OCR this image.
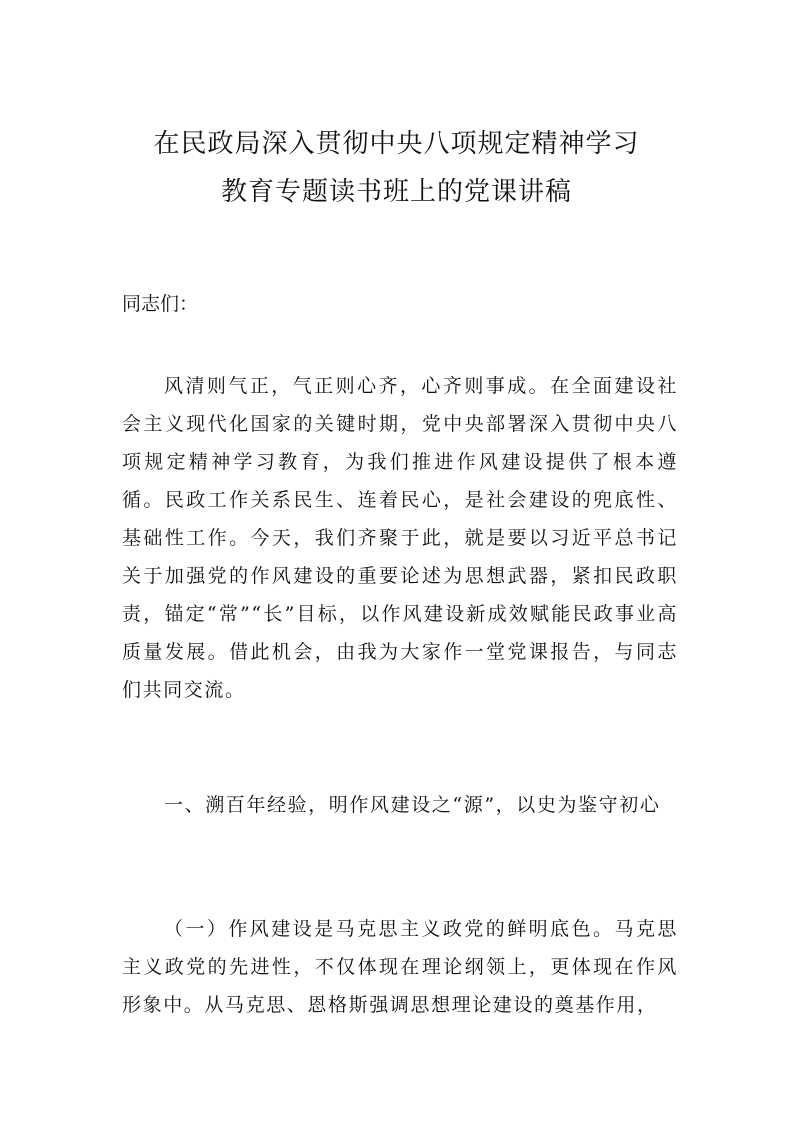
在民政局深入贯彻中央八项规定精神学习
教育专题读书班上的党课讲稿

同志们：

风清则气正，气正则心齐，心齐则事成。在全面建设社会主义现代化国家的关键时期，党中央部署深入贯彻中央八项规定精神学习教育，为我们推进作风建设提供了根本遵循。民政工作关系民生、连着民心，是社会建设的兜底性、基础性工作。今天，我们齐聚于此，就是要以习近平总书记关于加强党的作风建设的重要论述为思想武器，紧扣民政职责，锚定“常”“长”目标，以作风建设新成效赋能民政事业高质量发展。借此机会，由我为大家作一堂党课报告，与同志们共同交流。

一、溯百年经验，明作风建设之“源”，以史为鉴守初心

（一）作风建设是马克思主义政党的鲜明底色。马克思主义政党的先进性，不仅体现在理论纲领上，更体现在作风形象中。从马克思、恩格斯强调思想理论建设的奠基作用，
